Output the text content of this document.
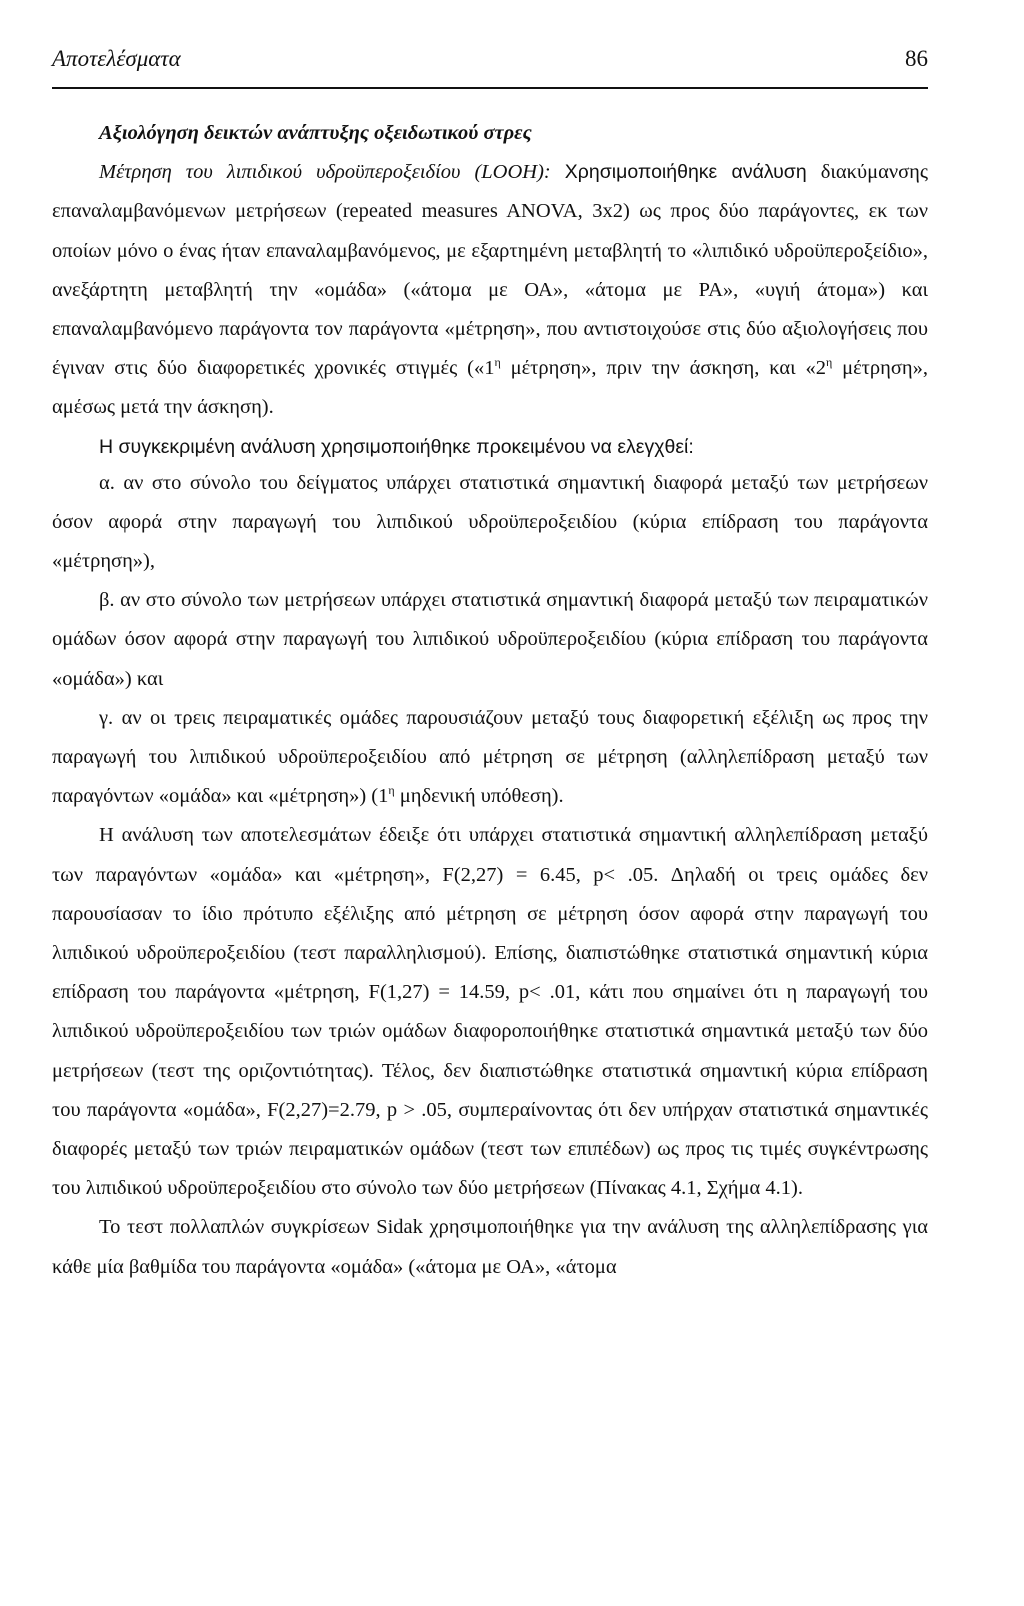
Αποτελέσματα	86

Αξιολόγηση δεικτών ανάπτυξης οξειδωτικού στρες

Μέτρηση του λιπιδικού υδροϋπεροξειδίου (LOOH): Χρησιμοποιήθηκε ανάλυση διακύμανσης επαναλαμβανόμενων μετρήσεων (repeated measures ANOVA, 3x2) ως προς δύο παράγοντες, εκ των οποίων μόνο ο ένας ήταν επαναλαμβανόμενος, με εξαρτημένη μεταβλητή το «λιπιδικό υδροϋπεροξείδιο», ανεξάρτητη μεταβλητή την «ομάδα» («άτομα με ΟΑ», «άτομα με PA», «υγιή άτομα») και επαναλαμβανόμενο παράγοντα τον παράγοντα «μέτρηση», που αντιστοιχούσε στις δύο αξιολογήσεις που έγιναν στις δύο διαφορετικές χρονικές στιγμές («$1^\eta$ μέτρηση», πριν την άσκηση, και «$2^\eta$ μέτρηση», αμέσως μετά την άσκηση).

Η συγκεκριμένη ανάλυση χρησιμοποιήθηκε προκειμένου να ελεγχθεί:

α. αν στο σύνολο του δείγματος υπάρχει στατιστικά σημαντική διαφορά μεταξύ των μετρήσεων όσον αφορά στην παραγωγή του λιπιδικού υδροϋπεροξειδίου (κύρια επίδραση του παράγοντα «μέτρηση»),

β. αν στο σύνολο των μετρήσεων υπάρχει στατιστικά σημαντική διαφορά μεταξύ των πειραματικών ομάδων όσον αφορά στην παραγωγή του λιπιδικού υδροϋπεροξειδίου (κύρια επίδραση του παράγοντα «ομάδα») και

γ. αν οι τρεις πειραματικές ομάδες παρουσιάζουν μεταξύ τους διαφορετική εξέλιξη ως προς την παραγωγή του λιπιδικού υδροϋπεροξειδίου από μέτρηση σε μέτρηση (αλληλεπίδραση μεταξύ των παραγόντων «ομάδα» και «μέτρηση») ($1^\eta$ μηδενική υπόθεση).

Η ανάλυση των αποτελεσμάτων έδειξε ότι υπάρχει στατιστικά σημαντική αλληλεπίδραση μεταξύ των παραγόντων «ομάδα» και «μέτρηση», F(2,27) = 6.45, p< .05. Δηλαδή οι τρεις ομάδες δεν παρουσίασαν το ίδιο πρότυπο εξέλιξης από μέτρηση σε μέτρηση όσον αφορά στην παραγωγή του λιπιδικού υδροϋπεροξειδίου (τεστ παραλληλισμού). Επίσης, διαπιστώθηκε στατιστικά σημαντική κύρια επίδραση του παράγοντα «μέτρηση, F(1,27) = 14.59, p< .01, κάτι που σημαίνει ότι η παραγωγή του λιπιδικού υδροϋπεροξειδίου των τριών ομάδων διαφοροποιήθηκε στατιστικά σημαντικά μεταξύ των δύο μετρήσεων (τεστ της οριζοντιότητας). Τέλος, δεν διαπιστώθηκε στατιστικά σημαντική κύρια επίδραση του παράγοντα «ομάδα», F(2,27)=2.79, p > .05, συμπεραίνοντας ότι δεν υπήρχαν στατιστικά σημαντικές διαφορές μεταξύ των τριών πειραματικών ομάδων (τεστ των επιπέδων) ως προς τις τιμές συγκέντρωσης του λιπιδικού υδροϋπεροξειδίου στο σύνολο των δύο μετρήσεων (Πίνακας 4.1, Σχήμα 4.1).

Το τεστ πολλαπλών συγκρίσεων Sidak χρησιμοποιήθηκε για την ανάλυση της αλληλεπίδρασης για κάθε μία βαθμίδα του παράγοντα «ομάδα» («άτομα με ΟΑ», «άτομα
